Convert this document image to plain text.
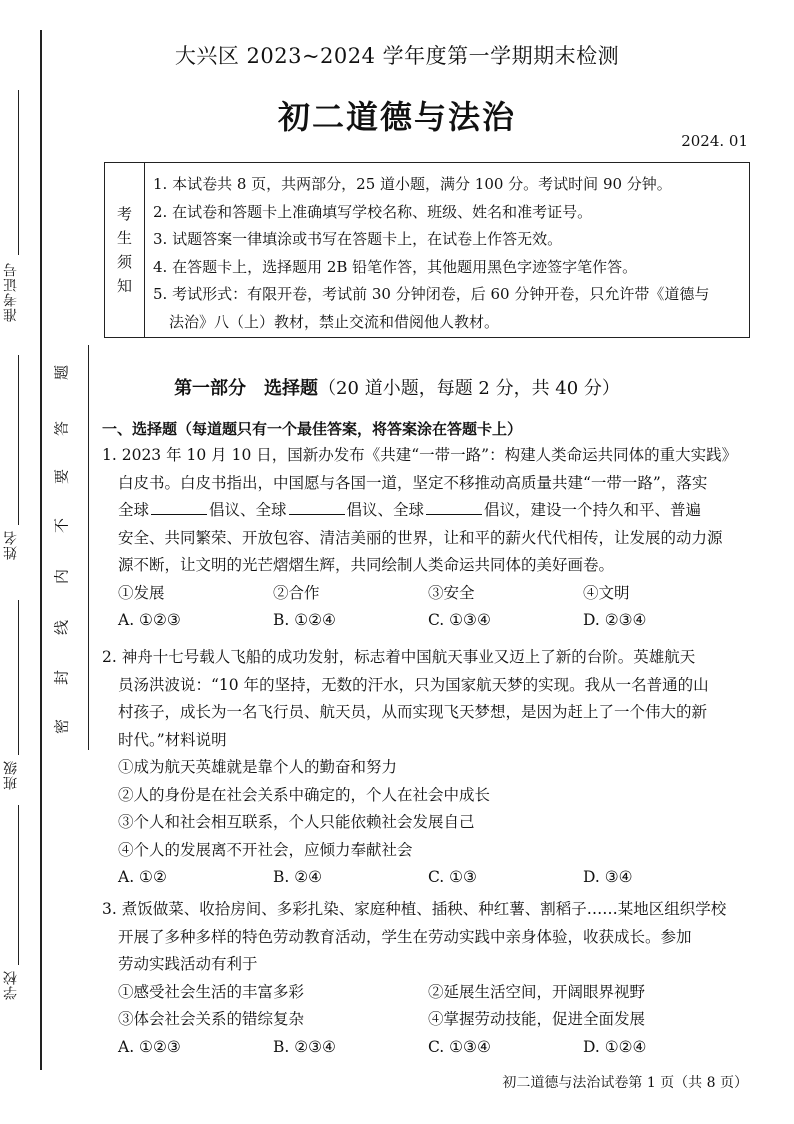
准考证号
姓名
班级
学校
题
答
要
不
内
线
封
密
大兴区 2023~2024 学年度第一学期期末检测
初二道德与法治
2024. 01
考
生
须
知
1. 本试卷共 8 页，共两部分，25 道小题，满分 100 分。考试时间 90 分钟。
2. 在试卷和答题卡上准确填写学校名称、班级、姓名和准考证号。
3. 试题答案一律填涂或书写在答题卡上，在试卷上作答无效。
4. 在答题卡上，选择题用 2B 铅笔作答，其他题用黑色字迹签字笔作答。
5. 考试形式：有限开卷，考试前 30 分钟闭卷，后 60 分钟开卷，只允许带《道德与
法治》八（上）教材，禁止交流和借阅他人教材。
第一部分　选择题（20 道小题，每题 2 分，共 40 分）
一、选择题（每道题只有一个最佳答案，将答案涂在答题卡上）
1. 2023 年 10 月 10 日，国新办发布《共建“一带一路”：构建人类命运共同体的重大实践》
白皮书。白皮书指出，中国愿与各国一道，坚定不移推动高质量共建“一带一路”，落实
全球	倡议、全球	倡议、全球	倡议，建设一个持久和平、普遍
安全、共同繁荣、开放包容、清洁美丽的世界，让和平的薪火代代相传，让发展的动力源
源不断，让文明的光芒熠熠生辉，共同绘制人类命运共同体的美好画卷。
①发展	②合作	③安全	④文明
A. ①②③	B. ①②④	C. ①③④	D. ②③④
2. 神舟十七号载人飞船的成功发射，标志着中国航天事业又迈上了新的台阶。英雄航天
员汤洪波说：“10 年的坚持，无数的汗水，只为国家航天梦的实现。我从一名普通的山
村孩子，成长为一名飞行员、航天员，从而实现飞天梦想，是因为赶上了一个伟大的新
时代。”材料说明
①成为航天英雄就是靠个人的勤奋和努力
②人的身份是在社会关系中确定的，个人在社会中成长
③个人和社会相互联系，个人只能依赖社会发展自己
④个人的发展离不开社会，应倾力奉献社会
A. ①②	B. ②④	C. ①③	D. ③④
3. 煮饭做菜、收拾房间、多彩扎染、家庭种植、插秧、种红薯、割稻子……某地区组织学校
开展了多种多样的特色劳动教育活动，学生在劳动实践中亲身体验，收获成长。参加
劳动实践活动有利于
①感受社会生活的丰富多彩	②延展生活空间，开阔眼界视野
③体会社会关系的错综复杂	④掌握劳动技能，促进全面发展
A. ①②③	B. ②③④	C. ①③④	D. ①②④
初二道德与法治试卷第 1 页（共 8 页）
